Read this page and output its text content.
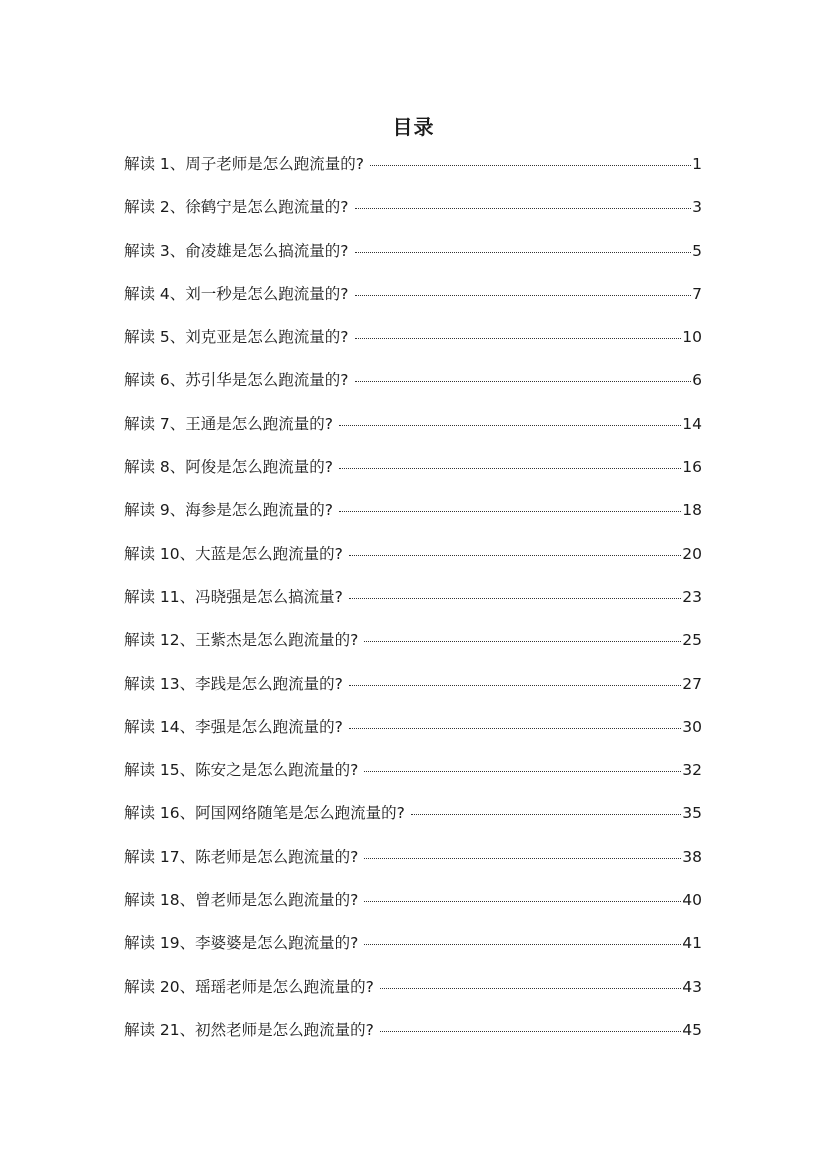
目录
解读 1、周子老师是怎么跑流量的?	1
解读 2、徐鹤宁是怎么跑流量的?	3
解读 3、俞凌雄是怎么搞流量的?	5
解读 4、刘一秒是怎么跑流量的?	7
解读 5、刘克亚是怎么跑流量的?	10
解读 6、苏引华是怎么跑流量的?	6
解读 7、王通是怎么跑流量的?	14
解读 8、阿俊是怎么跑流量的?	16
解读 9、海参是怎么跑流量的?	18
解读 10、大蓝是怎么跑流量的?	20
解读 11、冯晓强是怎么搞流量?	23
解读 12、王紫杰是怎么跑流量的?	25
解读 13、李践是怎么跑流量的?	27
解读 14、李强是怎么跑流量的?	30
解读 15、陈安之是怎么跑流量的?	32
解读 16、阿国网络随笔是怎么跑流量的?	35
解读 17、陈老师是怎么跑流量的?	38
解读 18、曾老师是怎么跑流量的?	40
解读 19、李婆婆是怎么跑流量的?	41
解读 20、瑶瑶老师是怎么跑流量的?	43
解读 21、初然老师是怎么跑流量的?	45
